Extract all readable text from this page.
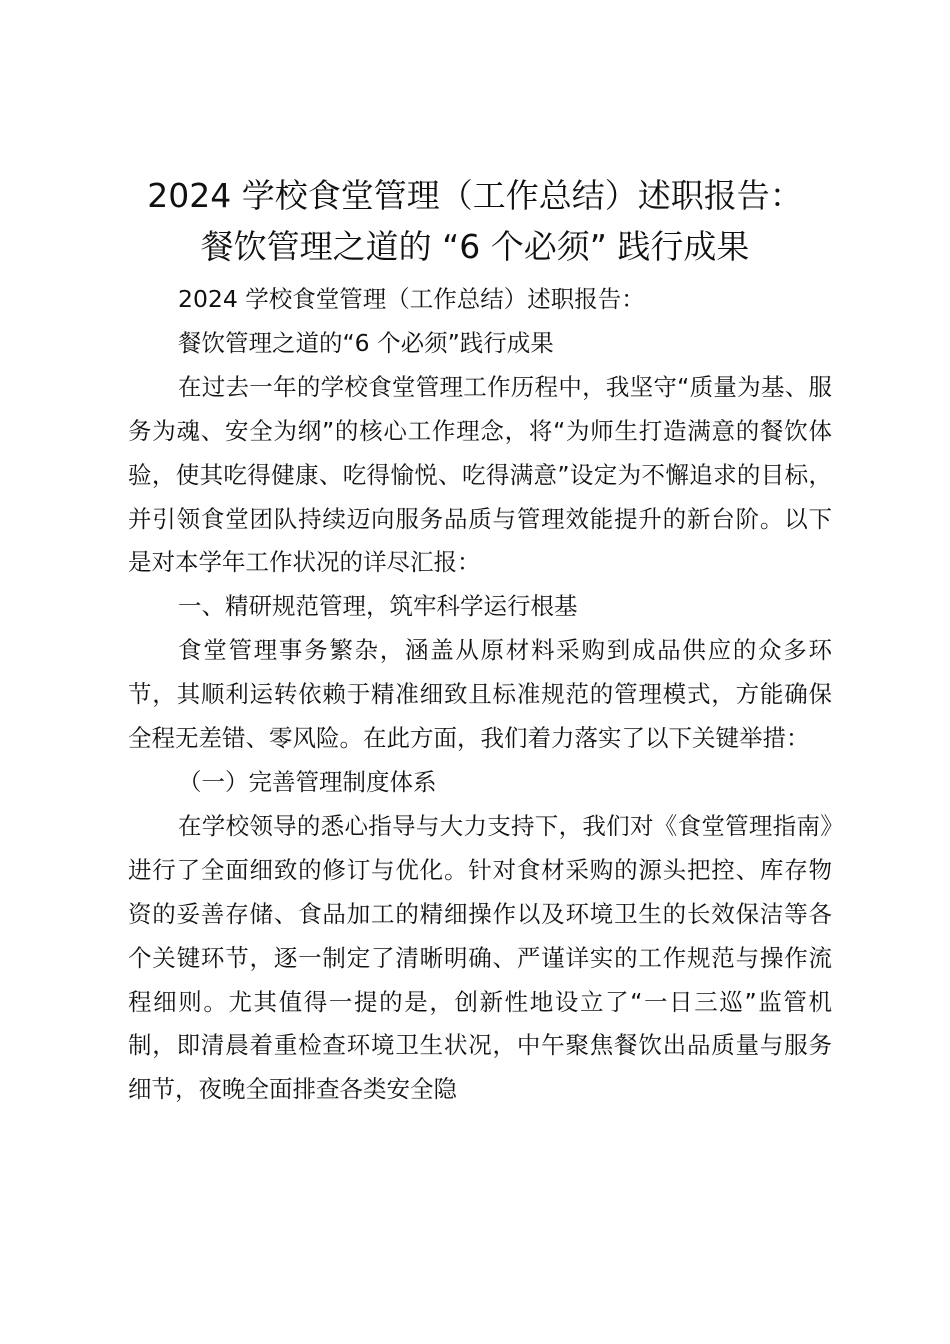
2024 学校食堂管理（工作总结）述职报告：
餐饮管理之道的 “6 个必须” 践行成果

2024 学校食堂管理（工作总结）述职报告：

餐饮管理之道的“6 个必须”践行成果

在过去一年的学校食堂管理工作历程中，我坚守“质量为基、服务为魂、安全为纲”的核心工作理念，将“为师生打造满意的餐饮体验，使其吃得健康、吃得愉悦、吃得满意”设定为不懈追求的目标，并引领食堂团队持续迈向服务品质与管理效能提升的新台阶。以下是对本学年工作状况的详尽汇报：

一、精研规范管理，筑牢科学运行根基

食堂管理事务繁杂，涵盖从原材料采购到成品供应的众多环节，其顺利运转依赖于精准细致且标准规范的管理模式，方能确保全程无差错、零风险。在此方面，我们着力落实了以下关键举措：

（一）完善管理制度体系

在学校领导的悉心指导与大力支持下，我们对《食堂管理指南》进行了全面细致的修订与优化。针对食材采购的源头把控、库存物资的妥善存储、食品加工的精细操作以及环境卫生的长效保洁等各个关键环节，逐一制定了清晰明确、严谨详实的工作规范与操作流程细则。尤其值得一提的是，创新性地设立了“一日三巡”监管机制，即清晨着重检查环境卫生状况，中午聚焦餐饮出品质量与服务细节，夜晚全面排查各类安全隐
